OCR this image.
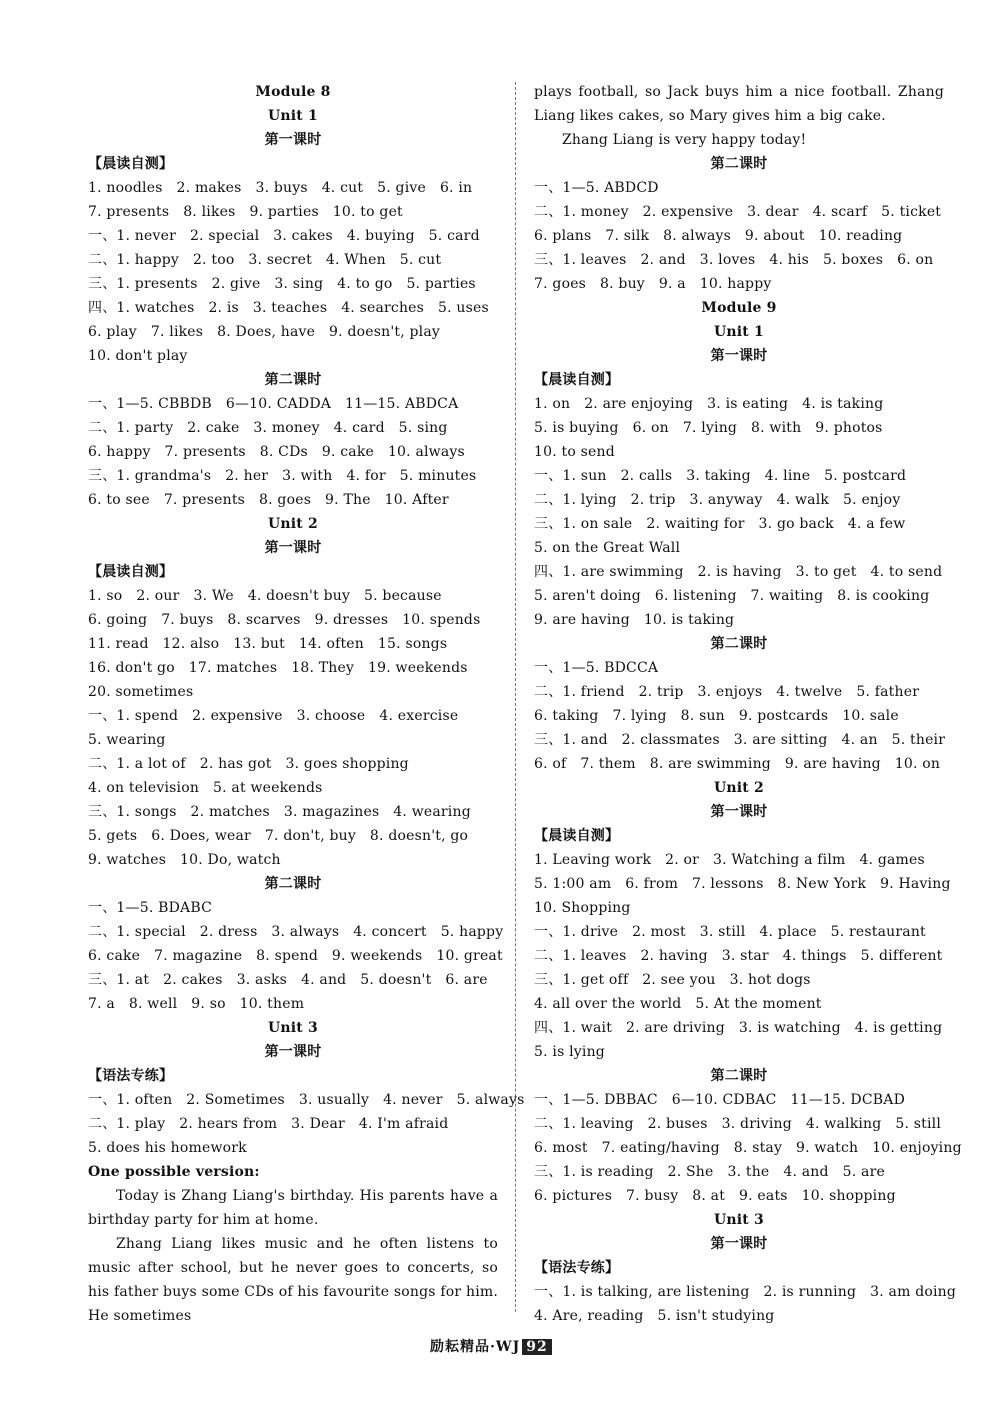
Module 8
Unit 1
第一课时
【晨读自测】
1. noodles   2. makes   3. buys   4. cut   5. give   6. in
7. presents   8. likes   9. parties   10. to get
一、1. never   2. special   3. cakes   4. buying   5. card
二、1. happy   2. too   3. secret   4. When   5. cut
三、1. presents   2. give   3. sing   4. to go   5. parties
四、1. watches   2. is   3. teaches   4. searches   5. uses
6. play   7. likes   8. Does, have   9. doesn't, play
10. don't play
第二课时
一、1—5. CBBDB   6—10. CADDA   11—15. ABDCA
二、1. party   2. cake   3. money   4. card   5. sing
6. happy   7. presents   8. CDs   9. cake   10. always
三、1. grandma's   2. her   3. with   4. for   5. minutes
6. to see   7. presents   8. goes   9. The   10. After
Unit 2
第一课时
【晨读自测】
1. so   2. our   3. We   4. doesn't buy   5. because
6. going   7. buys   8. scarves   9. dresses   10. spends
11. read   12. also   13. but   14. often   15. songs
16. don't go   17. matches   18. They   19. weekends
20. sometimes
一、1. spend   2. expensive   3. choose   4. exercise
5. wearing
二、1. a lot of   2. has got   3. goes shopping
4. on television   5. at weekends
三、1. songs   2. matches   3. magazines   4. wearing
5. gets   6. Does, wear   7. don't, buy   8. doesn't, go
9. watches   10. Do, watch
第二课时
一、1—5. BDABC
二、1. special   2. dress   3. always   4. concert   5. happy
6. cake   7. magazine   8. spend   9. weekends   10. great
三、1. at   2. cakes   3. asks   4. and   5. doesn't   6. are
7. a   8. well   9. so   10. them
Unit 3
第一课时
【语法专练】
一、1. often   2. Sometimes   3. usually   4. never   5. always
二、1. play   2. hears from   3. Dear   4. I'm afraid
5. does his homework
One possible version:
Today is Zhang Liang's birthday. His parents have a birthday party for him at home.
Zhang Liang likes music and he often listens to music after school, but he never goes to concerts, so his father buys some CDs of his favourite songs for him. He sometimes
plays football, so Jack buys him a nice football. Zhang Liang likes cakes, so Mary gives him a big cake.
Zhang Liang is very happy today!
第二课时
一、1—5. ABDCD
二、1. money   2. expensive   3. dear   4. scarf   5. ticket
6. plans   7. silk   8. always   9. about   10. reading
三、1. leaves   2. and   3. loves   4. his   5. boxes   6. on
7. goes   8. buy   9. a   10. happy
Module 9
Unit 1
第一课时
【晨读自测】
1. on   2. are enjoying   3. is eating   4. is taking
5. is buying   6. on   7. lying   8. with   9. photos
10. to send
一、1. sun   2. calls   3. taking   4. line   5. postcard
二、1. lying   2. trip   3. anyway   4. walk   5. enjoy
三、1. on sale   2. waiting for   3. go back   4. a few
5. on the Great Wall
四、1. are swimming   2. is having   3. to get   4. to send
5. aren't doing   6. listening   7. waiting   8. is cooking
9. are having   10. is taking
第二课时
一、1—5. BDCCA
二、1. friend   2. trip   3. enjoys   4. twelve   5. father
6. taking   7. lying   8. sun   9. postcards   10. sale
三、1. and   2. classmates   3. are sitting   4. an   5. their
6. of   7. them   8. are swimming   9. are having   10. on
Unit 2
第一课时
【晨读自测】
1. Leaving work   2. or   3. Watching a film   4. games
5. 1:00 am   6. from   7. lessons   8. New York   9. Having
10. Shopping
一、1. drive   2. most   3. still   4. place   5. restaurant
二、1. leaves   2. having   3. star   4. things   5. different
三、1. get off   2. see you   3. hot dogs
4. all over the world   5. At the moment
四、1. wait   2. are driving   3. is watching   4. is getting
5. is lying
第二课时
一、1—5. DBBAC   6—10. CDBAC   11—15. DCBAD
二、1. leaving   2. buses   3. driving   4. walking   5. still
6. most   7. eating/having   8. stay   9. watch   10. enjoying
三、1. is reading   2. She   3. the   4. and   5. are
6. pictures   7. busy   8. at   9. eats   10. shopping
Unit 3
第一课时
【语法专练】
一、1. is talking, are listening   2. is running   3. am doing
4. Are, reading   5. isn't studying
励耘精品·WJ 92
